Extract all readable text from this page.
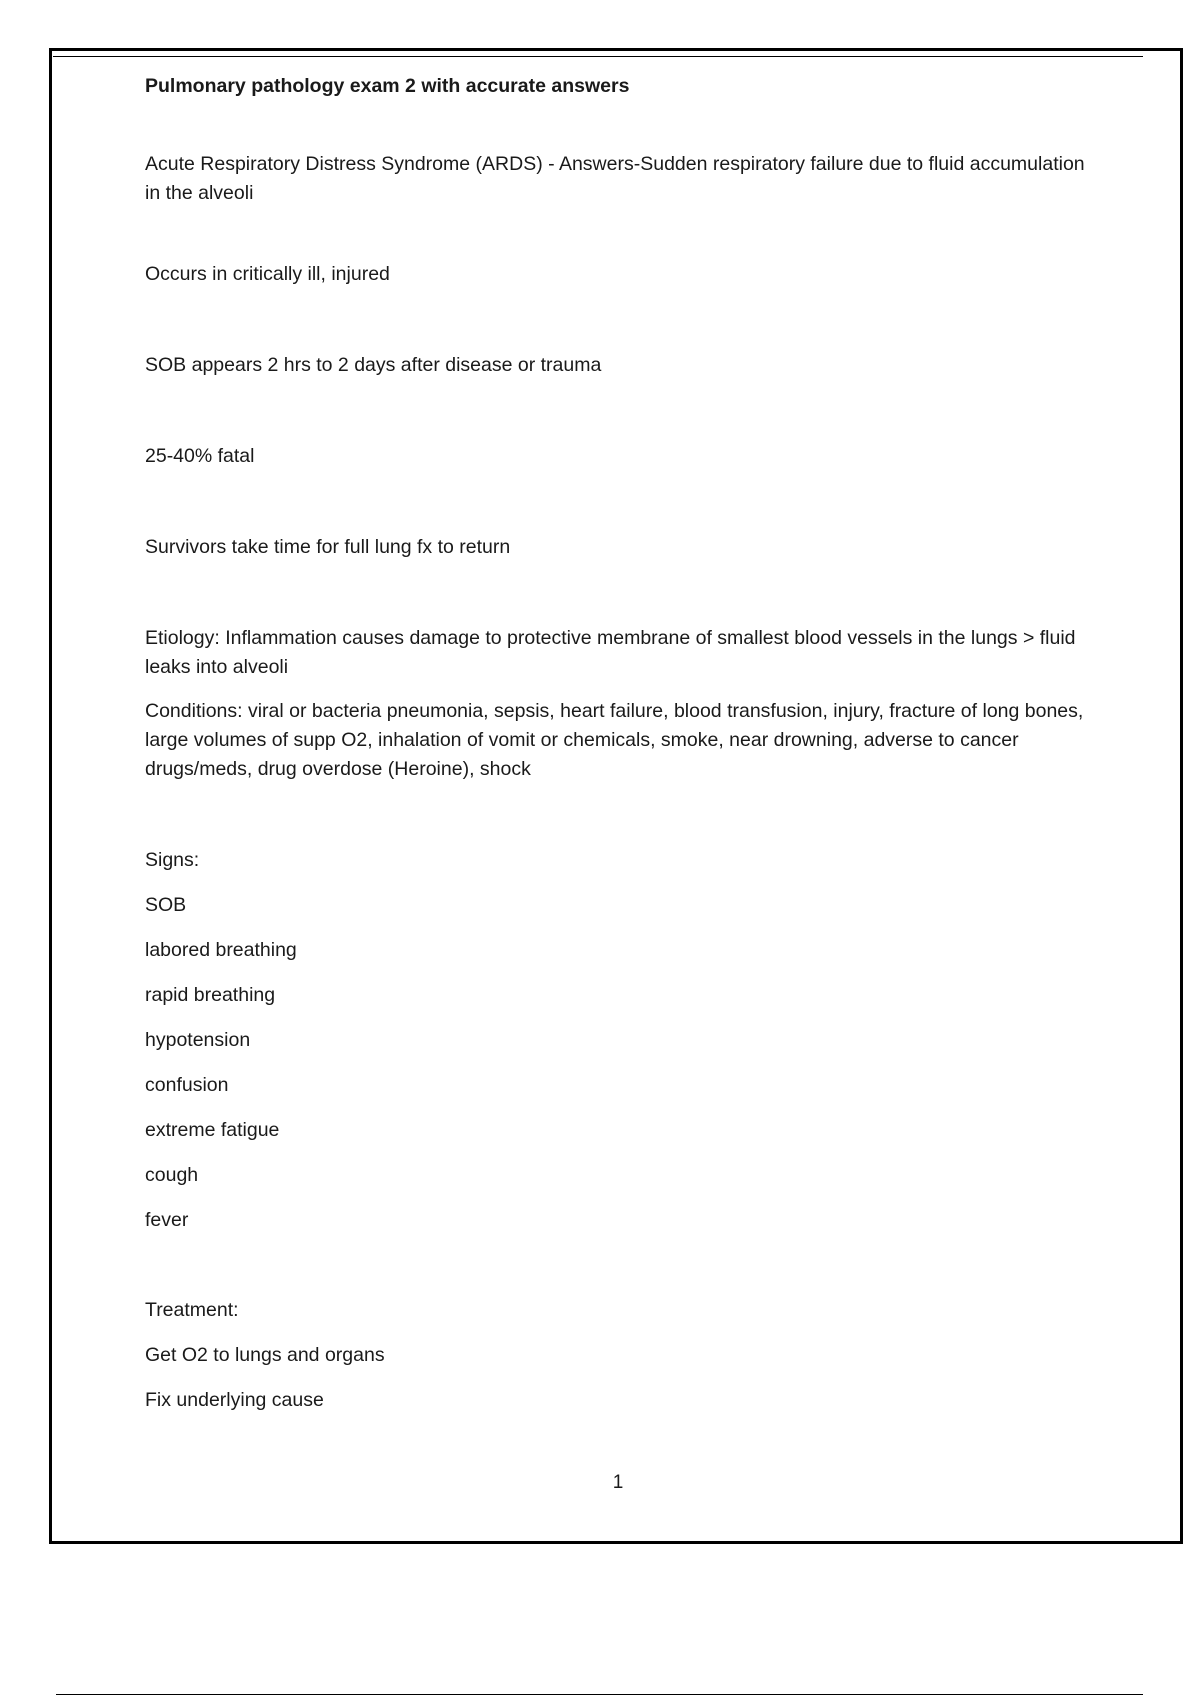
Pulmonary pathology exam 2 with accurate answers

Acute Respiratory Distress Syndrome (ARDS) - Answers-Sudden respiratory failure due to fluid accumulation in the alveoli

Occurs in critically ill, injured

SOB appears 2 hrs to 2 days after disease or trauma

25-40% fatal

Survivors take time for full lung fx to return

Etiology: Inflammation causes damage to protective membrane of smallest blood vessels in the lungs > fluid leaks into alveoli

Conditions: viral or bacteria pneumonia, sepsis, heart failure, blood transfusion, injury, fracture of long bones, large volumes of supp O2, inhalation of vomit or chemicals, smoke, near drowning, adverse to cancer drugs/meds, drug overdose (Heroine), shock

Signs:

SOB

labored breathing

rapid breathing

hypotension

confusion

extreme fatigue

cough

fever

Treatment:

Get O2 to lungs and organs

Fix underlying cause

1
